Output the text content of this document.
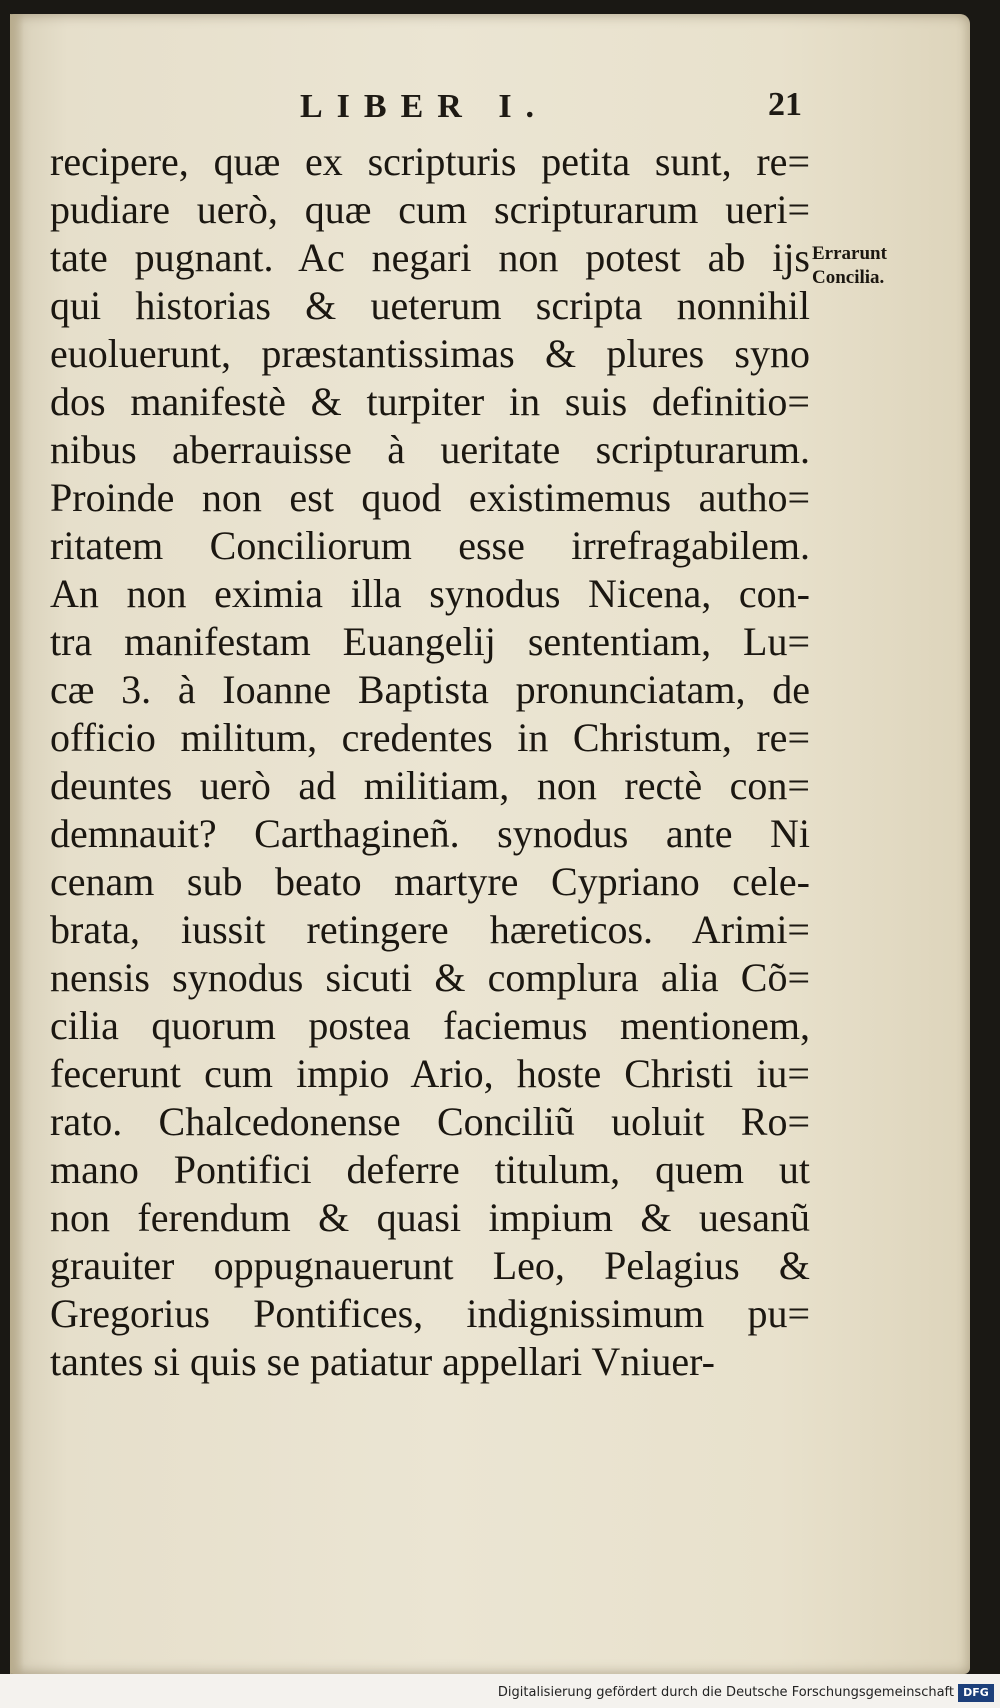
LIBER I.	21
Errarunt
Concilia.
recipere, quæ ex scripturis petita sunt, re=
pudiare uerò, quæ cum scripturarum ueri=
tate pugnant. Ac negari non potest ab ijs
qui historias & ueterum scripta nonnihil
euoluerunt, præstantissimas & plures syno
dos manifestè & turpiter in suis definitio=
nibus aberrauisse à ueritate scripturarum.
Proinde non est quod existimemus autho=
ritatem Conciliorum esse irrefragabilem.
An non eximia illa synodus Nicena, con-
tra manifestam Euangelij sententiam, Lu=
cæ 3. à Ioanne Baptista pronunciatam, de
officio militum, credentes in Christum, re=
deuntes uerò ad militiam, non rectè con=
demnauit? Carthagineñ. synodus ante Ni
cenam sub beato martyre Cypriano cele-
brata, iussit retingere hæreticos. Arimi=
nensis synodus sicuti & complura alia Cõ=
cilia quorum postea faciemus mentionem,
fecerunt cum impio Ario, hoste Christi iu=
rato. Chalcedonense Conciliũ uoluit Ro=
mano Pontifici deferre titulum, quem ut
non ferendum & quasi impium & uesanũ
grauiter oppugnauerunt Leo, Pelagius &
Gregorius Pontifices, indignissimum pu=
tantes si quis se patiatur appellari Vniuer-
Digitalisierung gefördert durch die Deutsche Forschungsgemeinschaft DFG
